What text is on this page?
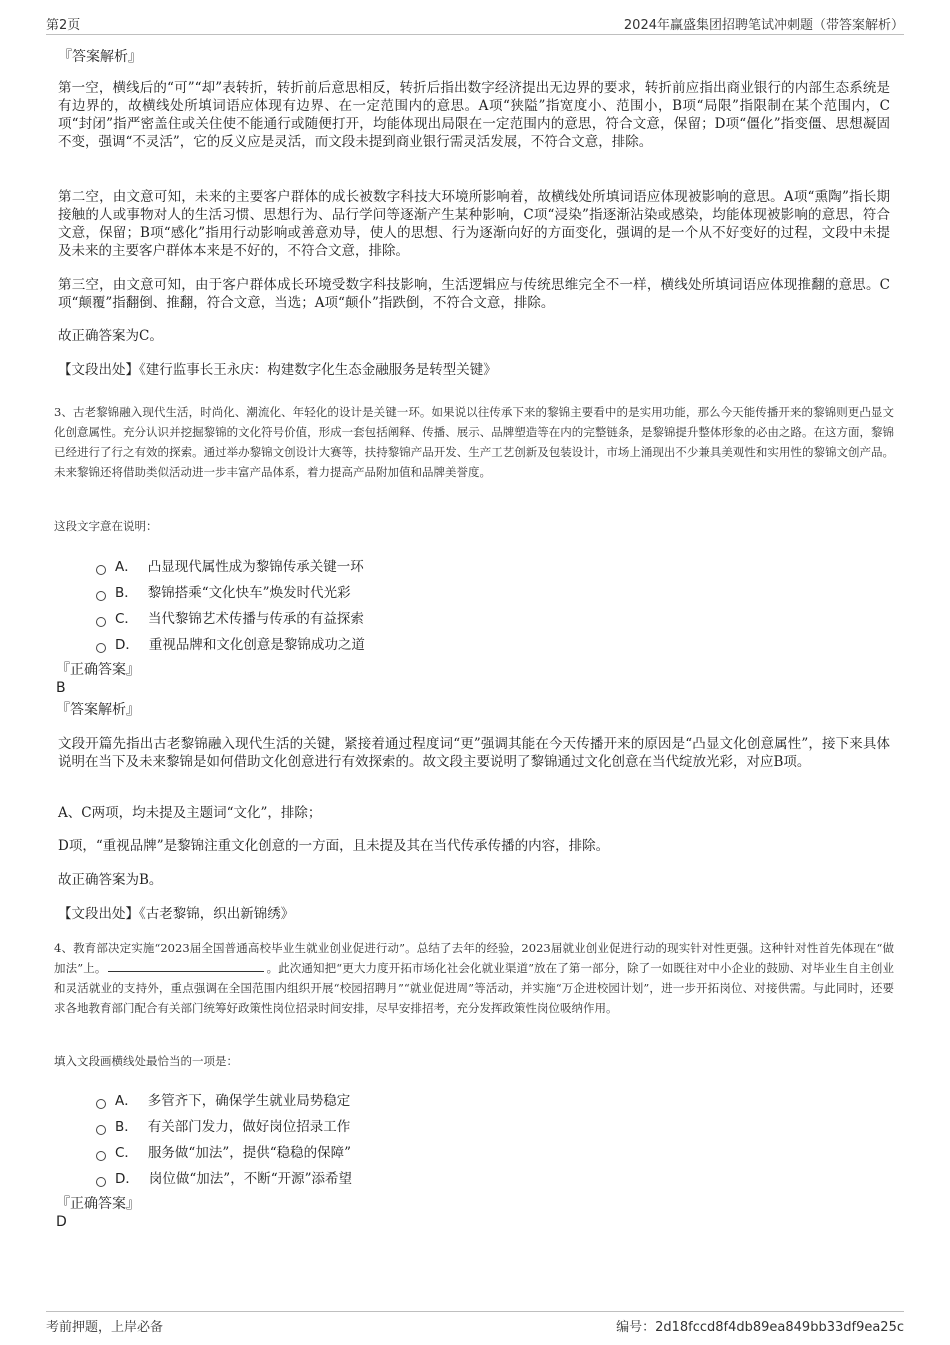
第2页	2024年赢盛集团招聘笔试冲刺题（带答案解析）
『答案解析』
第一空，横线后的“可”“却”表转折，转折前后意思相反，转折后指出数字经济提出无边界的要求，转折前应指出商业银行的内部生态系统是有边界的，故横线处所填词语应体现有边界、在一定范围内的意思。A项“狭隘”指宽度小、范围小，B项“局限”指限制在某个范围内，C项“封闭”指严密盖住或关住使不能通行或随便打开，均能体现出局限在一定范围内的意思，符合文意，保留；D项“僵化”指变僵、思想凝固不变，强调“不灵活”，它的反义应是灵活，而文段未提到商业银行需灵活发展，不符合文意，排除。
第二空，由文意可知，未来的主要客户群体的成长被数字科技大环境所影响着，故横线处所填词语应体现被影响的意思。A项“熏陶”指长期接触的人或事物对人的生活习惯、思想行为、品行学问等逐渐产生某种影响，C项“浸染”指逐渐沾染或感染，均能体现被影响的意思，符合文意，保留；B项“感化”指用行动影响或善意劝导，使人的思想、行为逐渐向好的方面变化，强调的是一个从不好变好的过程，文段中未提及未来的主要客户群体本来是不好的，不符合文意，排除。
第三空，由文意可知，由于客户群体成长环境受数字科技影响，生活逻辑应与传统思维完全不一样，横线处所填词语应体现推翻的意思。C项“颠覆”指翻倒、推翻，符合文意，当选；A项“颠仆”指跌倒，不符合文意，排除。
故正确答案为C。
【文段出处】《建行监事长王永庆：构建数字化生态金融服务是转型关键》
3、古老黎锦融入现代生活，时尚化、潮流化、年轻化的设计是关键一环。如果说以往传承下来的黎锦主要看中的是实用功能，那么今天能传播开来的黎锦则更凸显文化创意属性。充分认识并挖掘黎锦的文化符号价值，形成一套包括阐释、传播、展示、品牌塑造等在内的完整链条，是黎锦提升整体形象的必由之路。在这方面，黎锦已经进行了行之有效的探索。通过举办黎锦文创设计大赛等，扶持黎锦产品开发、生产工艺创新及包装设计，市场上涌现出不少兼具美观性和实用性的黎锦文创产品。未来黎锦还将借助类似活动进一步丰富产品体系，着力提高产品附加值和品牌美誉度。
这段文字意在说明：
A． 凸显现代属性成为黎锦传承关键一环
B． 黎锦搭乘“文化快车”焕发时代光彩
C． 当代黎锦艺术传播与传承的有益探索
D． 重视品牌和文化创意是黎锦成功之道
『正确答案』
B
『答案解析』
文段开篇先指出古老黎锦融入现代生活的关键，紧接着通过程度词“更”强调其能在今天传播开来的原因是“凸显文化创意属性”，接下来具体说明在当下及未来黎锦是如何借助文化创意进行有效探索的。故文段主要说明了黎锦通过文化创意在当代绽放光彩，对应B项。
A、C两项，均未提及主题词“文化”，排除；
D项，“重视品牌”是黎锦注重文化创意的一方面，且未提及其在当代传承传播的内容，排除。
故正确答案为B。
【文段出处】《古老黎锦，织出新锦绣》
4、教育部决定实施“2023届全国普通高校毕业生就业创业促进行动”。总结了去年的经验，2023届就业创业促进行动的现实针对性更强。这种针对性首先体现在“做加法”上。	。此次通知把“更大力度开拓市场化社会化就业渠道”放在了第一部分，除了一如既往对中小企业的鼓励、对毕业生自主创业和灵活就业的支持外，重点强调在全国范围内组织开展“校园招聘月”“就业促进周”等活动，并实施“万企进校园计划”，进一步开拓岗位、对接供需。与此同时，还要求各地教育部门配合有关部门统筹好政策性岗位招录时间安排，尽早安排招考，充分发挥政策性岗位吸纳作用。
填入文段画横线处最恰当的一项是：
A． 多管齐下，确保学生就业局势稳定
B． 有关部门发力，做好岗位招录工作
C． 服务做“加法”，提供“稳稳的保障”
D． 岗位做“加法”，不断“开源”添希望
『正确答案』
D
考前押题，上岸必备	编号：2d18fccd8f4db89ea849bb33df9ea25c
